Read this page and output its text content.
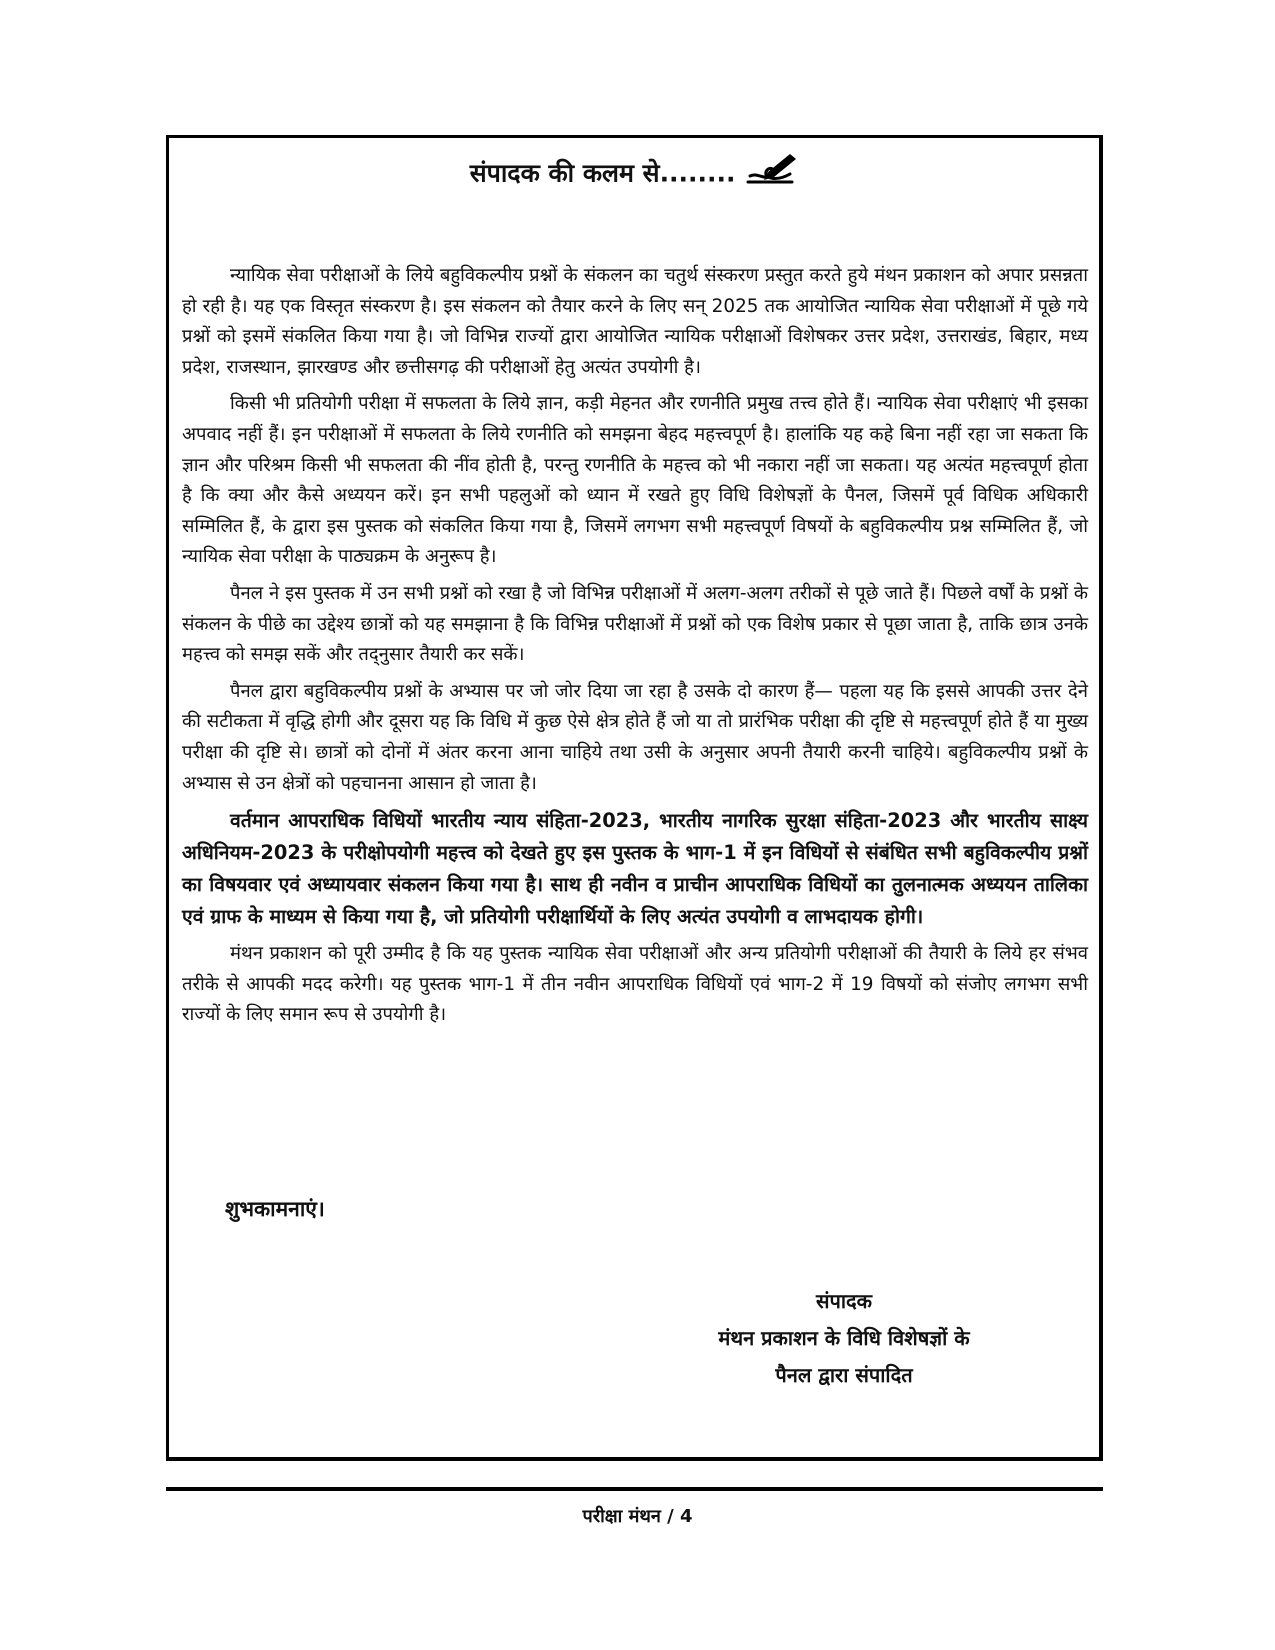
संपादक की कलम से........

न्यायिक सेवा परीक्षाओं के लिये बहुविकल्पीय प्रश्नों के संकलन का चतुर्थ संस्करण प्रस्तुत करते हुये मंथन प्रकाशन को अपार प्रसन्नता हो रही है। यह एक विस्तृत संस्करण है। इस संकलन को तैयार करने के लिए सन् 2025 तक आयोजित न्यायिक सेवा परीक्षाओं में पूछे गये प्रश्नों को इसमें संकलित किया गया है। जो विभिन्न राज्यों द्वारा आयोजित न्यायिक परीक्षाओं विशेषकर उत्तर प्रदेश, उत्तराखंड, बिहार, मध्य प्रदेश, राजस्थान, झारखण्ड और छत्तीसगढ़ की परीक्षाओं हेतु अत्यंत उपयोगी है।

किसी भी प्रतियोगी परीक्षा में सफलता के लिये ज्ञान, कड़ी मेहनत और रणनीति प्रमुख तत्त्व होते हैं। न्यायिक सेवा परीक्षाएं भी इसका अपवाद नहीं हैं। इन परीक्षाओं में सफलता के लिये रणनीति को समझना बेहद महत्त्वपूर्ण है। हालांकि यह कहे बिना नहीं रहा जा सकता कि ज्ञान और परिश्रम किसी भी सफलता की नींव होती है, परन्तु रणनीति के महत्त्व को भी नकारा नहीं जा सकता। यह अत्यंत महत्त्वपूर्ण होता है कि क्या और कैसे अध्ययन करें। इन सभी पहलुओं को ध्यान में रखते हुए विधि विशेषज्ञों के पैनल, जिसमें पूर्व विधिक अधिकारी सम्मिलित हैं, के द्वारा इस पुस्तक को संकलित किया गया है, जिसमें लगभग सभी महत्त्वपूर्ण विषयों के बहुविकल्पीय प्रश्न सम्मिलित हैं, जो न्यायिक सेवा परीक्षा के पाठ्यक्रम के अनुरूप है।

पैनल ने इस पुस्तक में उन सभी प्रश्नों को रखा है जो विभिन्न परीक्षाओं में अलग-अलग तरीकों से पूछे जाते हैं। पिछले वर्षों के प्रश्नों के संकलन के पीछे का उद्देश्य छात्रों को यह समझाना है कि विभिन्न परीक्षाओं में प्रश्नों को एक विशेष प्रकार से पूछा जाता है, ताकि छात्र उनके महत्त्व को समझ सकें और तद्नुसार तैयारी कर सकें।

पैनल द्वारा बहुविकल्पीय प्रश्नों के अभ्यास पर जो जोर दिया जा रहा है उसके दो कारण हैं— पहला यह कि इससे आपकी उत्तर देने की सटीकता में वृद्धि होगी और दूसरा यह कि विधि में कुछ ऐसे क्षेत्र होते हैं जो या तो प्रारंभिक परीक्षा की दृष्टि से महत्त्वपूर्ण होते हैं या मुख्य परीक्षा की दृष्टि से। छात्रों को दोनों में अंतर करना आना चाहिये तथा उसी के अनुसार अपनी तैयारी करनी चाहिये। बहुविकल्पीय प्रश्नों के अभ्यास से उन क्षेत्रों को पहचानना आसान हो जाता है।

वर्तमान आपराधिक विधियों भारतीय न्याय संहिता-2023, भारतीय नागरिक सुरक्षा संहिता-2023 और भारतीय साक्ष्य अधिनियम-2023 के परीक्षोपयोगी महत्त्व को देखते हुए इस पुस्तक के भाग-1 में इन विधियों से संबंधित सभी बहुविकल्पीय प्रश्नों का विषयवार एवं अध्यायवार संकलन किया गया है। साथ ही नवीन व प्राचीन आपराधिक विधियों का तुलनात्मक अध्ययन तालिका एवं ग्राफ के माध्यम से किया गया है, जो प्रतियोगी परीक्षार्थियों के लिए अत्यंत उपयोगी व लाभदायक होगी।

मंथन प्रकाशन को पूरी उम्मीद है कि यह पुस्तक न्यायिक सेवा परीक्षाओं और अन्य प्रतियोगी परीक्षाओं की तैयारी के लिये हर संभव तरीके से आपकी मदद करेगी। यह पुस्तक भाग-1 में तीन नवीन आपराधिक विधियों एवं भाग-2 में 19 विषयों को संजोए लगभग सभी राज्यों के लिए समान रूप से उपयोगी है।

शुभकामनाएं।
संपादक
मंथन प्रकाशन के विधि विशेषज्ञों के
पैनल द्वारा संपादित
परीक्षा मंथन / 4
